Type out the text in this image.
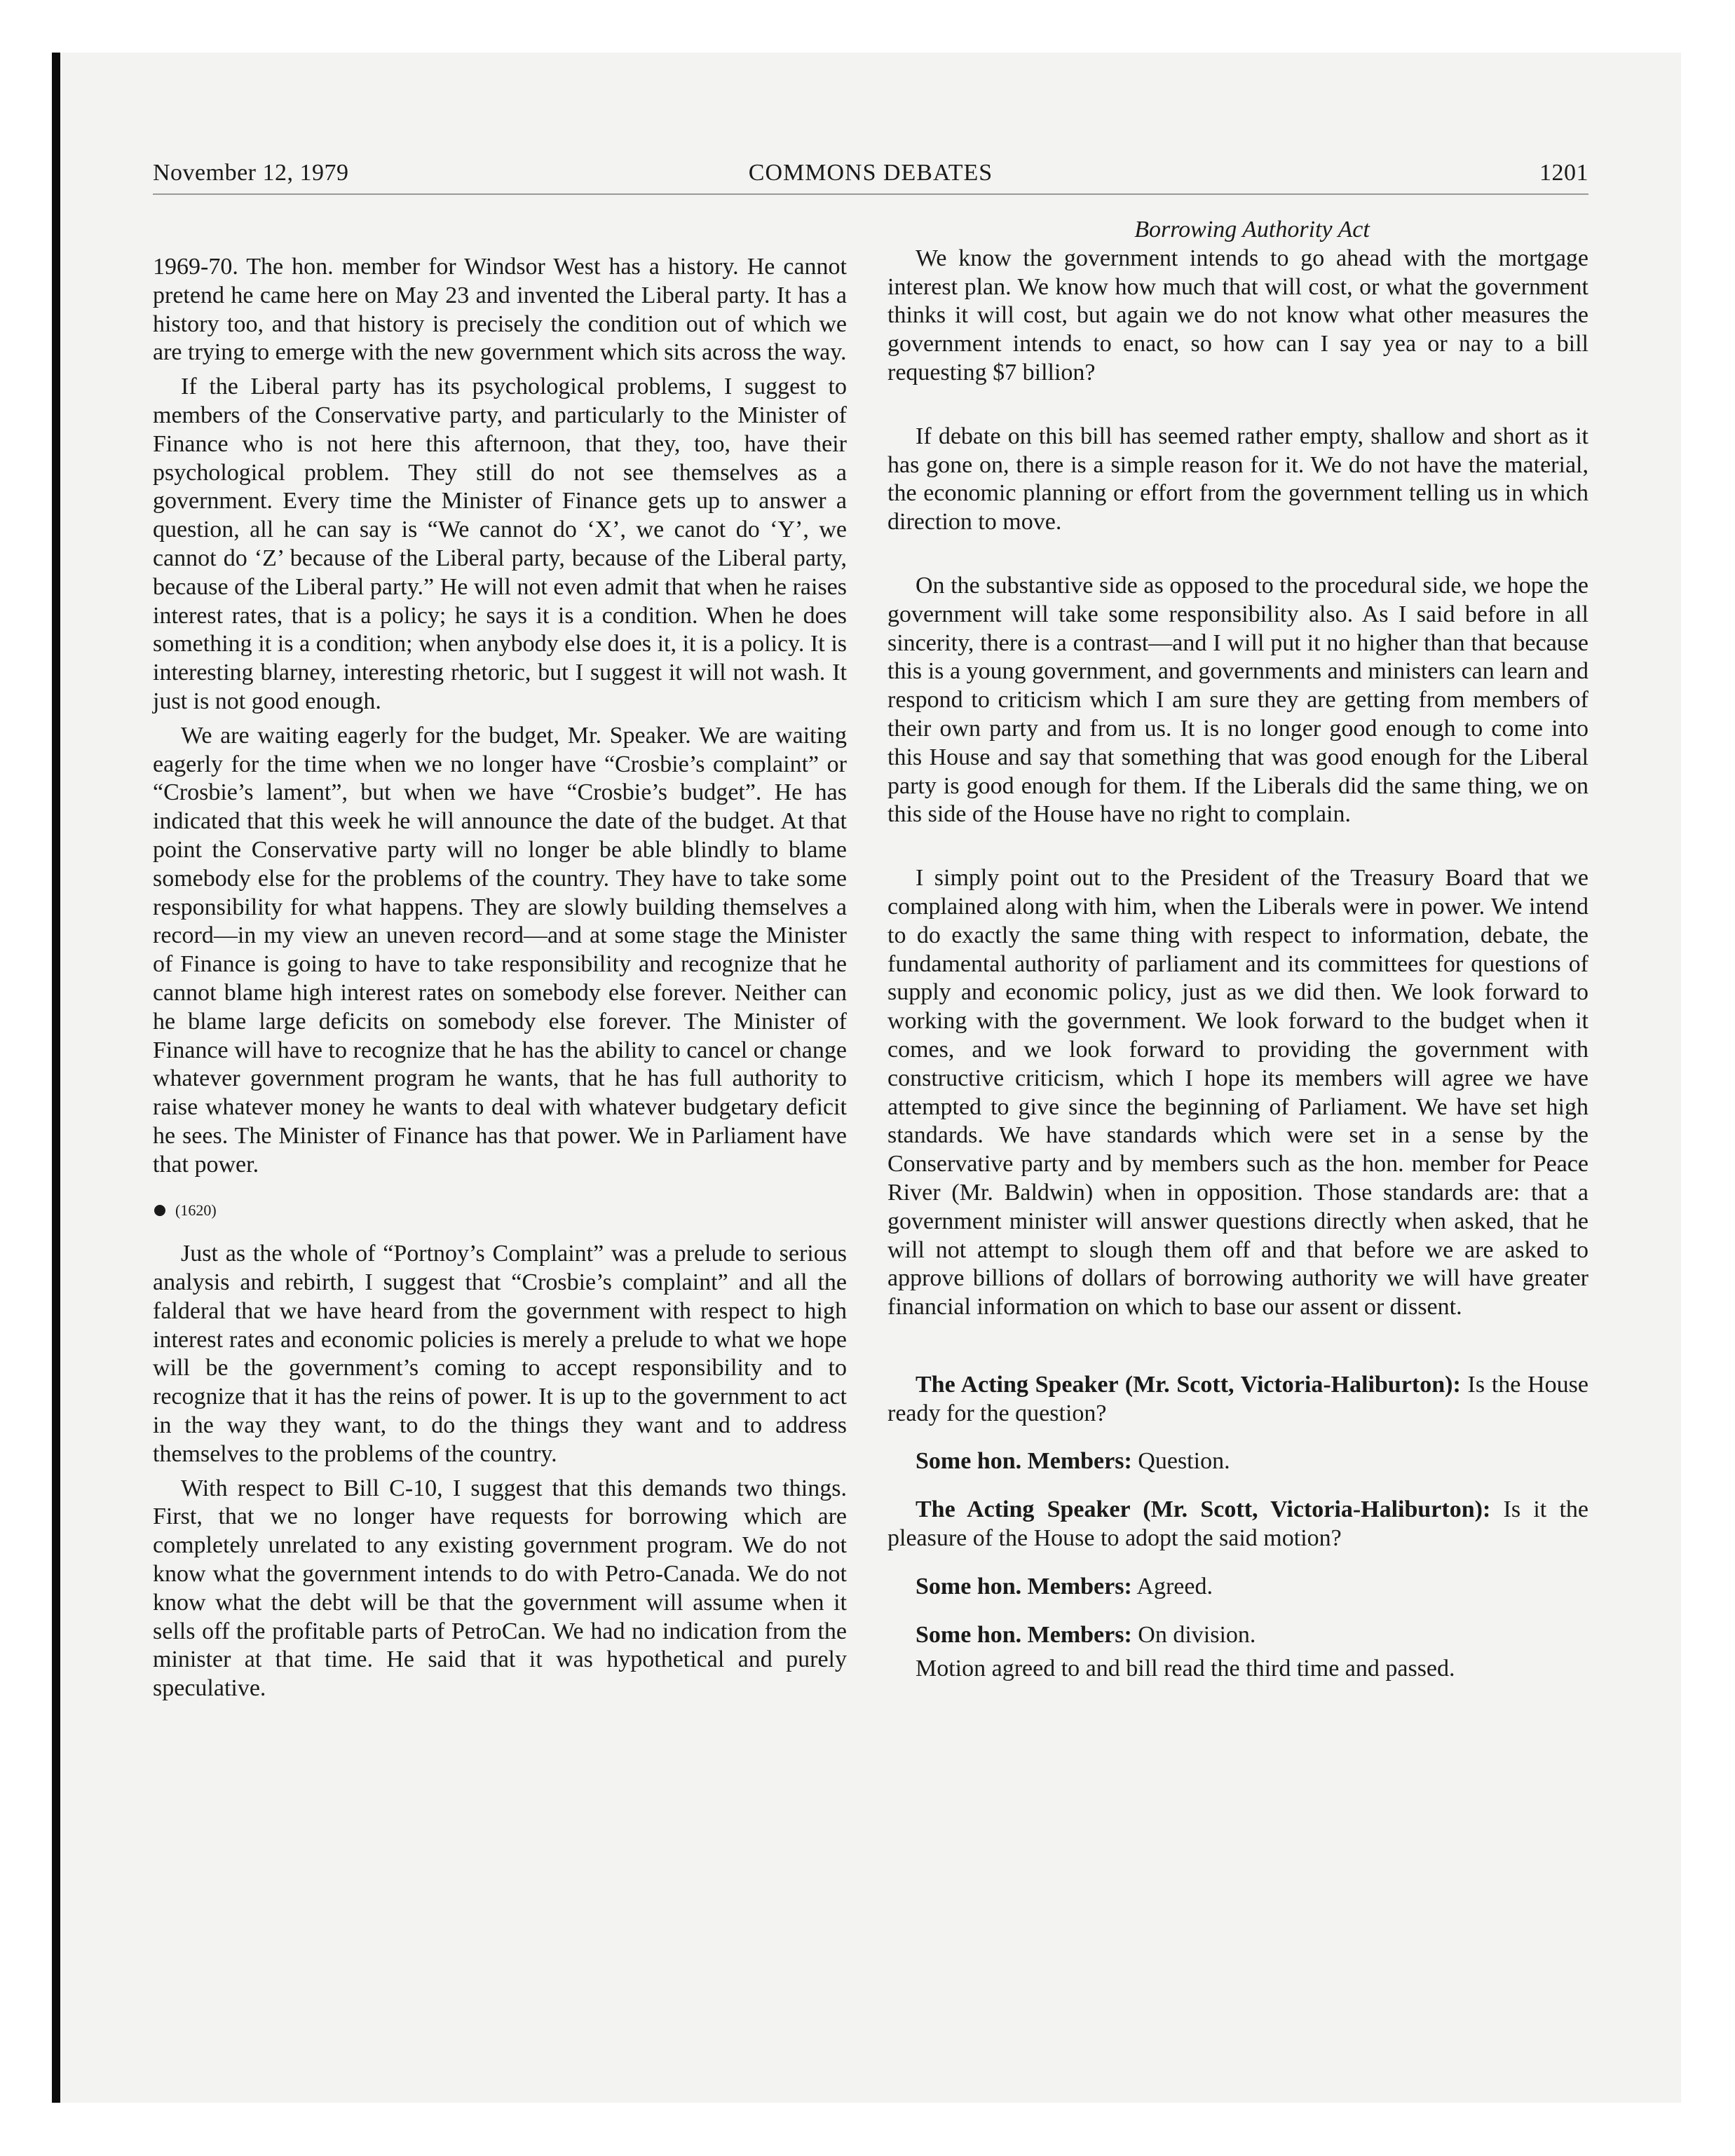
November 12, 1979	COMMONS DEBATES	1201

1969-70. The hon. member for Windsor West has a history. He cannot pretend he came here on May 23 and invented the Liberal party. It has a history too, and that history is precisely the condition out of which we are trying to emerge with the new government which sits across the way.

If the Liberal party has its psychological problems, I suggest to members of the Conservative party, and particularly to the Minister of Finance who is not here this afternoon, that they, too, have their psychological problem. They still do not see themselves as a government. Every time the Minister of Finance gets up to answer a question, all he can say is “We cannot do ‘X’, we canot do ‘Y’, we cannot do ‘Z’ because of the Liberal party, because of the Liberal party, because of the Liberal party.” He will not even admit that when he raises interest rates, that is a policy; he says it is a condition. When he does something it is a condition; when anybody else does it, it is a policy. It is interesting blarney, interesting rhetoric, but I suggest it will not wash. It just is not good enough.

We are waiting eagerly for the budget, Mr. Speaker. We are waiting eagerly for the time when we no longer have “Crosbie’s complaint” or “Crosbie’s lament”, but when we have “Crosbie’s budget”. He has indicated that this week he will announce the date of the budget. At that point the Conservative party will no longer be able blindly to blame somebody else for the problems of the country. They have to take some responsibility for what happens. They are slowly building themselves a record—in my view an uneven record—and at some stage the Minister of Finance is going to have to take responsibility and recognize that he cannot blame high interest rates on somebody else forever. Neither can he blame large deficits on somebody else forever. The Minister of Finance will have to recognize that he has the ability to cancel or change whatever government program he wants, that he has full authority to raise whatever money he wants to deal with whatever budgetary deficit he sees. The Minister of Finance has that power. We in Parliament have that power.

(1620)

Just as the whole of “Portnoy’s Complaint” was a prelude to serious analysis and rebirth, I suggest that “Crosbie’s complaint” and all the falderal that we have heard from the government with respect to high interest rates and economic policies is merely a prelude to what we hope will be the government’s coming to accept responsibility and to recognize that it has the reins of power. It is up to the government to act in the way they want, to do the things they want and to address themselves to the problems of the country.

With respect to Bill C-10, I suggest that this demands two things. First, that we no longer have requests for borrowing which are completely unrelated to any existing government program. We do not know what the government intends to do with Petro-Canada. We do not know what the debt will be that the government will assume when it sells off the profitable parts of PetroCan. We had no indication from the minister at that time. He said that it was hypothetical and purely speculative.

Borrowing Authority Act

We know the government intends to go ahead with the mortgage interest plan. We know how much that will cost, or what the government thinks it will cost, but again we do not know what other measures the government intends to enact, so how can I say yea or nay to a bill requesting $7 billion?

If debate on this bill has seemed rather empty, shallow and short as it has gone on, there is a simple reason for it. We do not have the material, the economic planning or effort from the government telling us in which direction to move.

On the substantive side as opposed to the procedural side, we hope the government will take some responsibility also. As I said before in all sincerity, there is a contrast—and I will put it no higher than that because this is a young government, and governments and ministers can learn and respond to criticism which I am sure they are getting from members of their own party and from us. It is no longer good enough to come into this House and say that something that was good enough for the Liberal party is good enough for them. If the Liberals did the same thing, we on this side of the House have no right to complain.

I simply point out to the President of the Treasury Board that we complained along with him, when the Liberals were in power. We intend to do exactly the same thing with respect to information, debate, the fundamental authority of parliament and its committees for questions of supply and economic policy, just as we did then. We look forward to working with the government. We look forward to the budget when it comes, and we look forward to providing the government with constructive criticism, which I hope its members will agree we have attempted to give since the beginning of Parliament. We have set high standards. We have standards which were set in a sense by the Conservative party and by members such as the hon. member for Peace River (Mr. Baldwin) when in opposition. Those standards are: that a government minister will answer questions directly when asked, that he will not attempt to slough them off and that before we are asked to approve billions of dollars of borrowing authority we will have greater financial information on which to base our assent or dissent.

The Acting Speaker (Mr. Scott, Victoria-Haliburton): Is the House ready for the question?

Some hon. Members: Question.

The Acting Speaker (Mr. Scott, Victoria-Haliburton): Is it the pleasure of the House to adopt the said motion?

Some hon. Members: Agreed.

Some hon. Members: On division.

Motion agreed to and bill read the third time and passed.
